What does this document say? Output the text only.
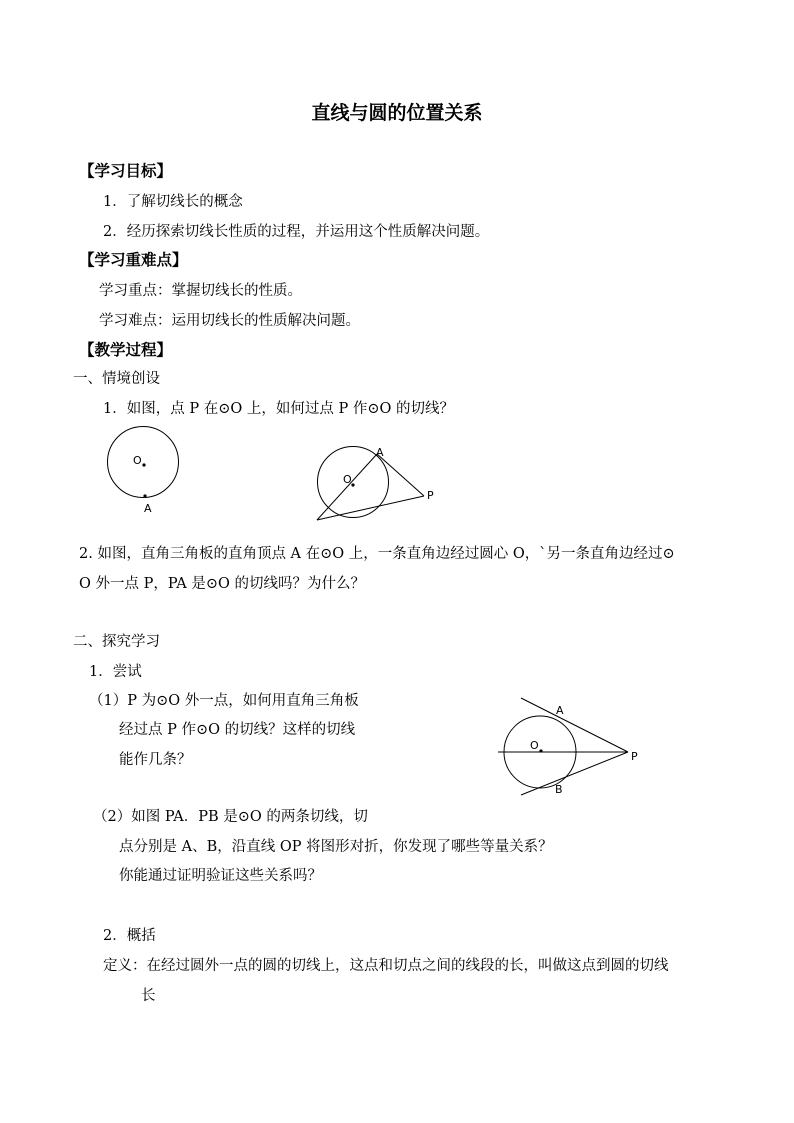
直线与圆的位置关系
【学习目标】
1．了解切线长的概念
2．经历探索切线长性质的过程，并运用这个性质解决问题。
【学习重难点】
学习重点：掌握切线长的性质。
学习难点：运用切线长的性质解决问题。
【教学过程】
一、情境创设
1．如图，点 P 在⊙O 上，如何过点 P 作⊙O 的切线？
O
A
O
A
P
2. 如图，直角三角板的直角顶点 A 在⊙O 上，一条直角边经过圆心 O，`另一条直角边经过⊙
O 外一点 P，PA 是⊙O 的切线吗？为什么？
二、探究学习
1．尝试
（1）P 为⊙O 外一点，如何用直角三角板
经过点 P 作⊙O 的切线？这样的切线
能作几条？
O
A
B
P
（2）如图 PA．PB 是⊙O 的两条切线，切
点分别是 A、B，沿直线 OP 将图形对折，你发现了哪些等量关系？
你能通过证明验证这些关系吗？
2．概括
定义：在经过圆外一点的圆的切线上，这点和切点之间的线段的长，叫做这点到圆的切线
长
